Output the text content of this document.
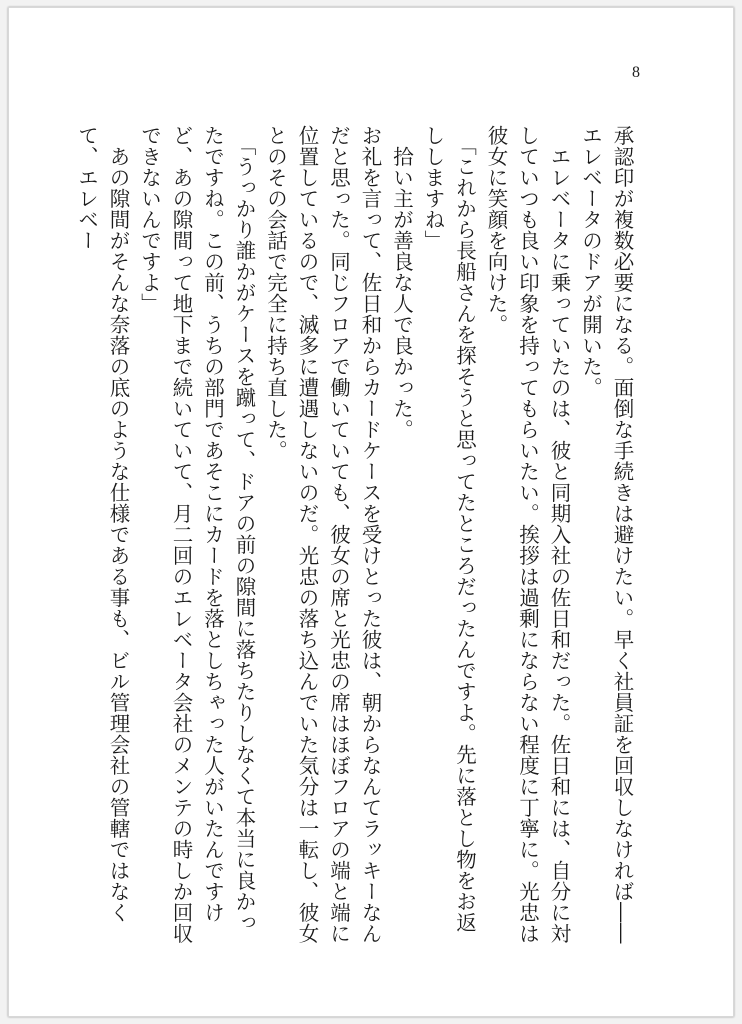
8

承認印が複数必要になる。面倒な手続きは避けたい。早く社員証を回収しなければ――エレベータのドアが開いた。

エレベータに乗っていたのは、彼と同期入社の佐日和だった。佐日和には、自分に対していつも良い印象を持ってもらいたい。挨拶は過剰にならない程度に丁寧に。光忠は彼女に笑顔を向けた。

「これから長船さんを探そうと思ってたところだったんですよ。先に落とし物をお返ししますね」

拾い主が善良な人で良かった。

お礼を言って、佐日和からカードケースを受けとった彼は、朝からなんてラッキーなんだと思った。同じフロアで働いていても、彼女の席と光忠の席はほぼフロアの端と端に位置しているので、滅多に遭遇しないのだ。光忠の落ち込んでいた気分は一転し、彼女とのその会話で完全に持ち直した。

「うっかり誰かがケースを蹴って、ドアの前の隙間に落ちたりしなくて本当に良かったですね。この前、うちの部門であそこにカードを落としちゃった人がいたんですけど、あの隙間って地下まで続いていて、月二回のエレベータ会社のメンテの時しか回収できないんですよ」

あの隙間がそんな奈落の底のような仕様である事も、ビル管理会社の管轄ではなくて、エレベー
